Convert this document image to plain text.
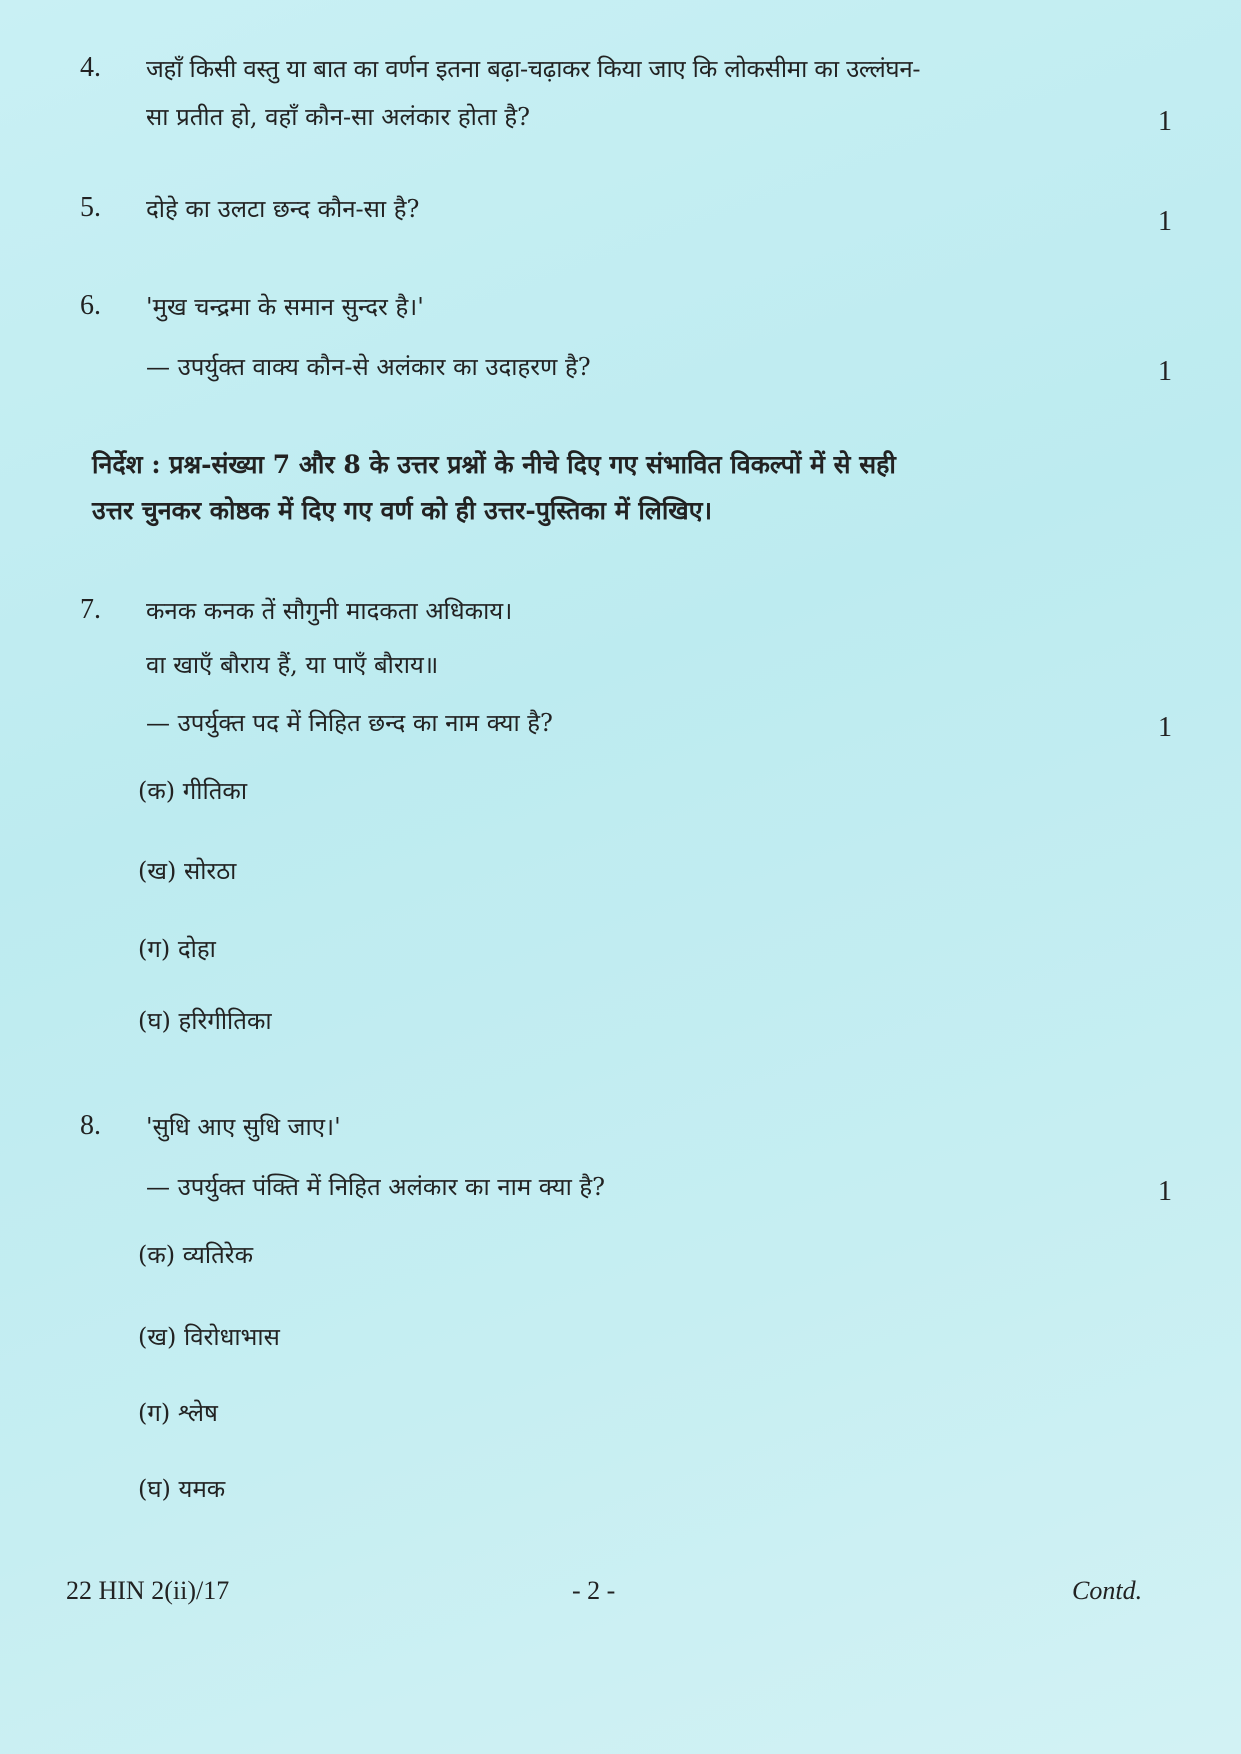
4. जहाँ किसी वस्तु या बात का वर्णन इतना बढ़ा-चढ़ाकर किया जाए कि लोकसीमा का उल्लंघन-
सा प्रतीत हो, वहाँ कौन-सा अलंकार होता है?	1
5. दोहे का उलटा छन्द कौन-सा है?	1
6. 'मुख चन्द्रमा के समान सुन्दर है।'
— उपर्युक्त वाक्य कौन-से अलंकार का उदाहरण है?	1
निर्देश : प्रश्न-संख्या 7 और 8 के उत्तर प्रश्नों के नीचे दिए गए संभावित विकल्पों में से सही
उत्तर चुनकर कोष्ठक में दिए गए वर्ण को ही उत्तर-पुस्तिका में लिखिए।
7. कनक कनक तें सौगुनी मादकता अधिकाय।
वा खाएँ बौराय हैं, या पाएँ बौराय॥
— उपर्युक्त पद में निहित छन्द का नाम क्या है?	1
(क) गीतिका
(ख) सोरठा
(ग) दोहा
(घ) हरिगीतिका
8. 'सुधि आए सुधि जाए।'
— उपर्युक्त पंक्ति में निहित अलंकार का नाम क्या है?	1
(क) व्यतिरेक
(ख) विरोधाभास
(ग) श्लेष
(घ) यमक
22 HIN 2(ii)/17	- 2 -	Contd.
